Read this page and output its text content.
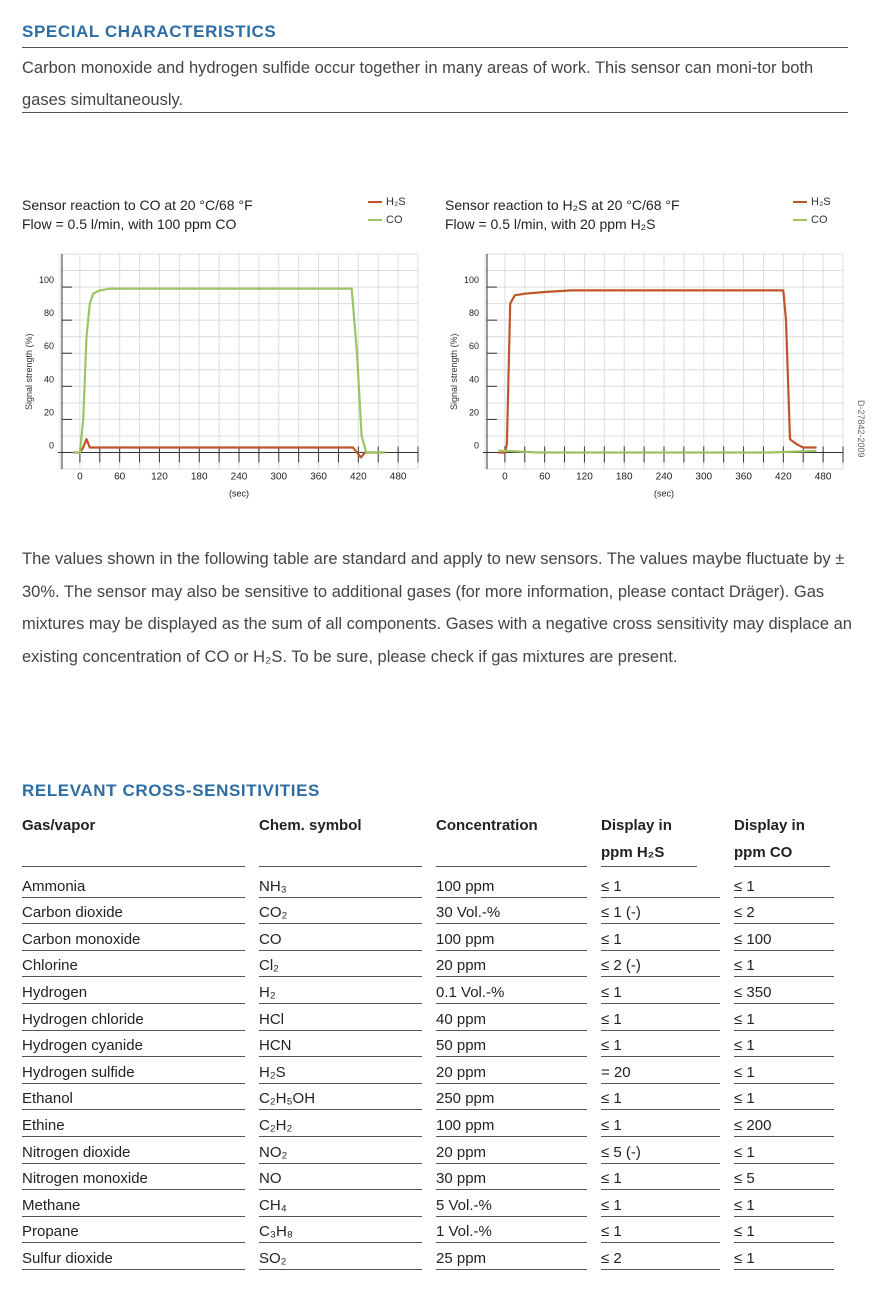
SPECIAL CHARACTERISTICS
Carbon monoxide and hydrogen sulfide occur together in many areas of work. This sensor can moni-tor both gases simultaneously.
Sensor reaction to CO at 20 °C/68 °F
Flow = 0.5 l/min, with 100 ppm CO
H₂S
CO
Sensor reaction to H₂S at 20 °C/68 °F
Flow = 0.5 l/min, with 20 ppm H₂S
H₂S
CO
0	60	120 180 240 300 360 420 480
0
20
40
60
80
100
(sec)
0	60	120 180 240 300 360 420 480
0
20
40
60
80
100
(sec)
Signal strength (%)	Signal strength (%)
D-27842-2009
The values shown in the following table are standard and apply to new sensors. The values maybe fluctuate by ± 30%. The sensor may also be sensitive to additional gases (for more information, please contact Dräger). Gas mixtures may be displayed as the sum of all components. Gases with a negative cross sensitivity may displace an existing concentration of CO or H₂S. To be sure, please check if gas mixtures are present.
RELEVANT CROSS-SENSITIVITIES
Gas/vapor	Chem. symbol	Concentration	Display in ppm H₂S	Display in ppm CO

Ammonia	NH₃	100 ppm	≤ 1	≤ 1

Carbon dioxide	CO₂	30 Vol.-%	≤ 1 (-)	≤ 2

Carbon monoxide	CO	100 ppm	≤ 1	≤ 100

Chlorine	Cl₂	20 ppm	≤ 2 (-)	≤ 1

Hydrogen	H₂	0.1 Vol.-%	≤ 1	≤ 350

Hydrogen chloride	HCl	40 ppm	≤ 1	≤ 1

Hydrogen cyanide	HCN	50 ppm	≤ 1	≤ 1

Hydrogen sulfide	H₂S	20 ppm	= 20	≤ 1

Ethanol	C₂H₅OH	250 ppm	≤ 1	≤ 1

Ethine	C₂H₂	100 ppm	≤ 1	≤ 200

Nitrogen dioxide	NO₂	20 ppm	≤ 5 (-)	≤ 1

Nitrogen monoxide	NO	30 ppm	≤ 1	≤ 5

Methane	CH₄	5 Vol.-%	≤ 1	≤ 1

Propane	C₃H₈	1 Vol.-%	≤ 1	≤ 1

Sulfur dioxide	SO₂	25 ppm	≤ 2	≤ 1
